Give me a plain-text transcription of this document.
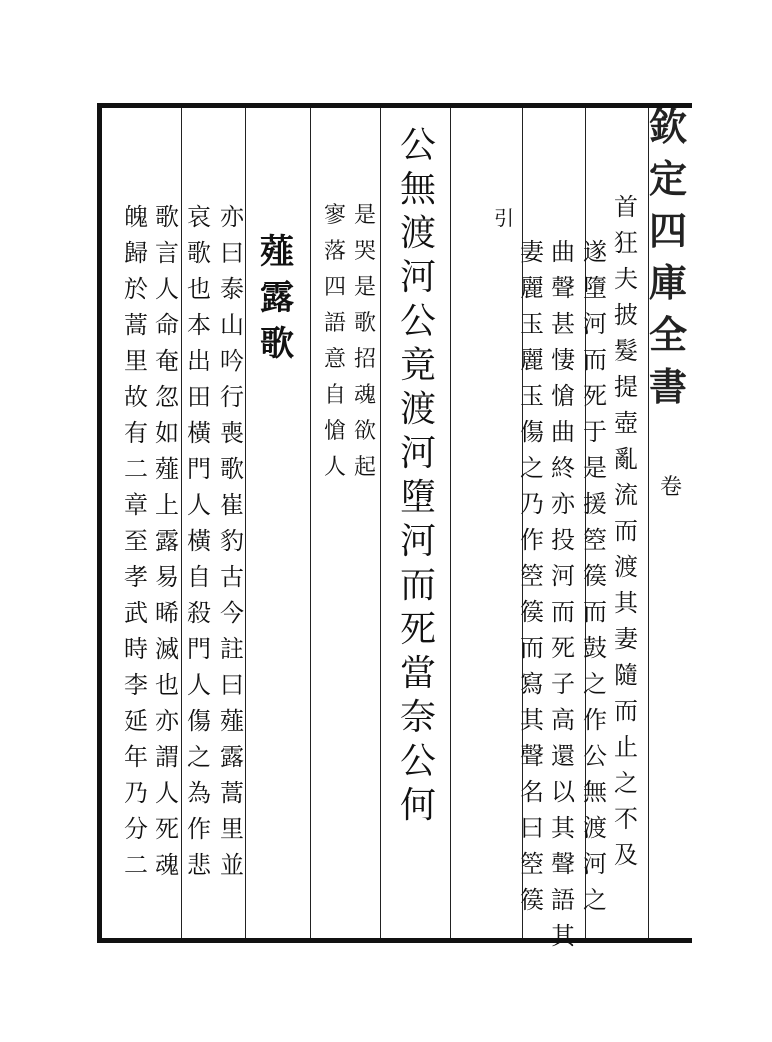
欽
定
四
庫
全
書
卷
首
狂
夫
披
髮
提
壺
亂
流
而
渡
其
妻
隨
而
止
之
不
及
遂
墮
河
而
死
于
是
援
箜
篌
而
鼓
之
作
公
無
渡
河
之
曲
聲
甚
悽
愴
曲
終
亦
投
河
而
死
子
高
還
以
其
聲
語
其
妻
麗
玉
麗
玉
傷
之
乃
作
箜
篌
而
寫
其
聲
名
曰
箜
篌
引
公
無
渡
河
公
竟
渡
河
墮
河
而
死
當
奈
公
何
是
哭
是
歌
招
魂
欲
起
寥
落
四
語
意
自
愴
人
薤
露
歌
亦
曰
泰
山
吟
行
喪
歌
崔
豹
古
今
註
曰
薤
露
蒿
里
並
哀
歌
也
本
出
田
橫
門
人
橫
自
殺
門
人
傷
之
為
作
悲
歌
言
人
命
奄
忽
如
薤
上
露
易
晞
滅
也
亦
謂
人
死
魂
魄
歸
於
蒿
里
故
有
二
章
至
孝
武
時
李
延
年
乃
分
二
